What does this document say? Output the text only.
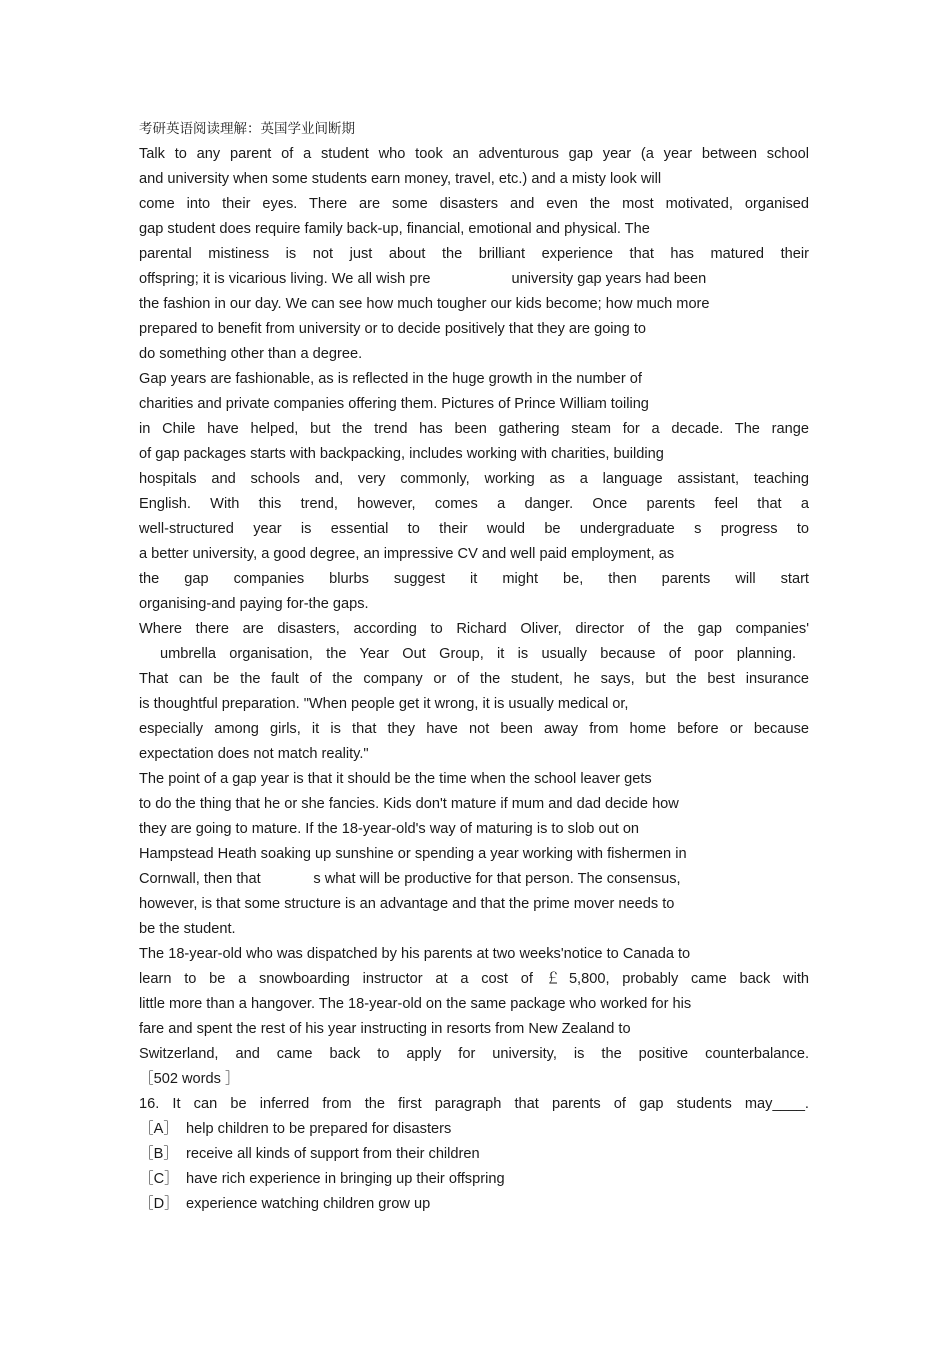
考研英语阅读理解：英国学业间断期
Talk to any parent of a student who took an adventurous gap year (a year between school
and university when some students earn money, travel, etc.) and a misty look will
come into their eyes. There are some disasters and even the most motivated, organised
gap student does require family back-up, financial, emotional and physical. The
parental mistiness is not just about the brilliant experience that has matured their
offspring; it is vicarious living. We all wish pre                    university gap years had been
the fashion in our day. We can see how much tougher our kids become; how much more
prepared to benefit from university or to decide positively that they are going to
do something other than a degree.
Gap years are fashionable, as is reflected in the huge growth in the number of
charities and private companies offering them. Pictures of Prince William toiling
in Chile have helped, but the trend has been gathering steam for a decade. The range
of gap packages starts with backpacking, includes working with charities, building
hospitals and schools and, very commonly, working as a language assistant, teaching
English. With this trend, however, comes a danger. Once parents feel that a
well-structured year is essential to their would be undergraduate s progress to
a better university, a good degree, an impressive CV and well paid employment, as
the gap companies blurbs suggest it might be, then parents will start
organising-and paying for-the gaps.
Where there are disasters, according to Richard Oliver, director of the gap companies'
umbrella organisation, the Year Out Group, it is usually because of poor planning.
That can be the fault of the company or of the student, he says, but the best insurance
is thoughtful preparation. "When people get it wrong, it is usually medical or,
especially among girls, it is that they have not been away from home before or because
expectation does not match reality."
The point of a gap year is that it should be the time when the school leaver gets
to do the thing that he or she fancies. Kids don't mature if mum and dad decide how
they are going to mature. If the 18-year-old's way of maturing is to slob out on
Hampstead Heath soaking up sunshine or spending a year working with fishermen in
Cornwall, then that             s what will be productive for that person. The consensus,
however, is that some structure is an advantage and that the prime mover needs to
be the student.
The 18-year-old who was dispatched by his parents at two weeks'notice to Canada to
learn to be a snowboarding instructor at a cost of ￡5,800, probably came back with
little more than a hangover. The 18-year-old on the same package who worked for his
fare and spent the rest of his year instructing in resorts from New Zealand to
Switzerland, and came back to apply for university, is the positive counterbalance.
［502 words ］
16. It can be inferred from the first paragraph that parents of gap students may____.
［A］ help children to be prepared for disasters
［B］ receive all kinds of support from their children
［C］ have rich experience in bringing up their offspring
［D］ experience watching children grow up
